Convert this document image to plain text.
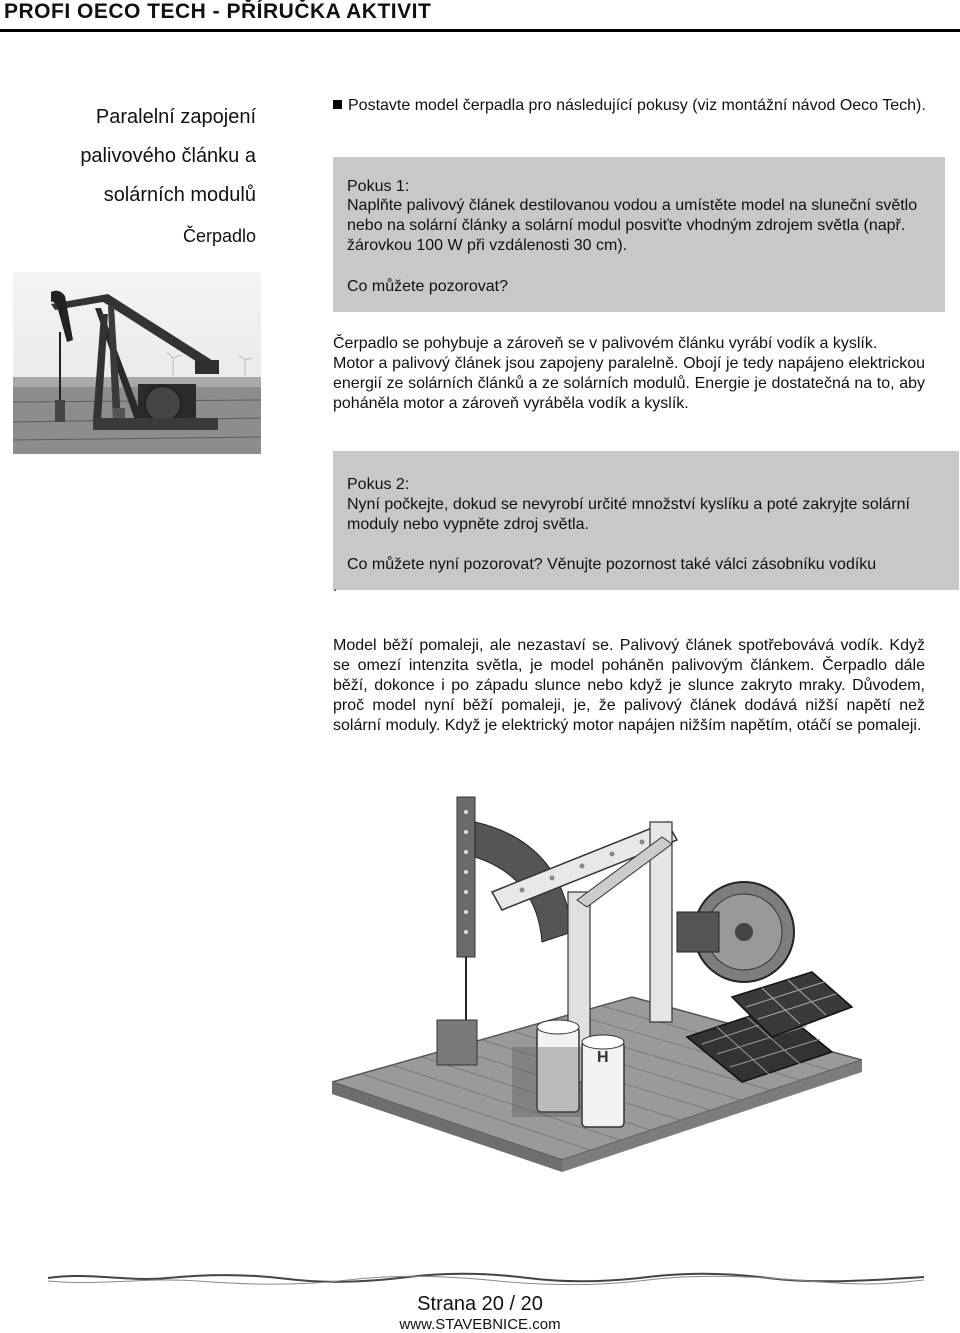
PROFI OECO TECH - PŘÍRUČKA AKTIVIT
Paralelní zapojení
palivového článku a
solárních modulů
Čerpadlo
Postavte model čerpadla pro následující pokusy (viz montážní návod Oeco Tech).
Pokus 1:
Naplňte palivový článek destilovanou vodou a umístěte model na sluneční světlo nebo na solární články a solární modul posviťte vhodným zdrojem světla (např. žárovkou 100 W při vzdálenosti 30 cm).
Co můžete pozorovat?
Čerpadlo se pohybuje a zároveň se v palivovém článku vyrábí vodík a kyslík.
Motor a palivový článek jsou zapojeny paralelně. Obojí je tedy napájeno elektrickou energií ze solárních článků a ze solárních modulů. Energie je dostatečná na to, aby poháněla motor a zároveň vyráběla vodík a kyslík.
Pokus 2:
Nyní počkejte, dokud se nevyrobí určité množství kyslíku a poté zakryjte solární moduly nebo vypněte zdroj světla.
Co můžete nyní pozorovat? Věnujte pozornost také válci zásobníku vodíku
.
Model běží pomaleji, ale nezastaví se. Palivový článek spotřebovává vodík. Když se omezí intenzita světla, je model poháněn palivovým článkem. Čerpadlo dále běží, dokonce i po západu slunce nebo když je slunce zakryto mraky. Důvodem, proč model nyní běží pomaleji, je, že palivový článek dodává nižší napětí než solární moduly. Když je elektrický motor napájen nižším napětím, otáčí se pomaleji.
H
Strana 20 / 20
www.STAVEBNICE.com
